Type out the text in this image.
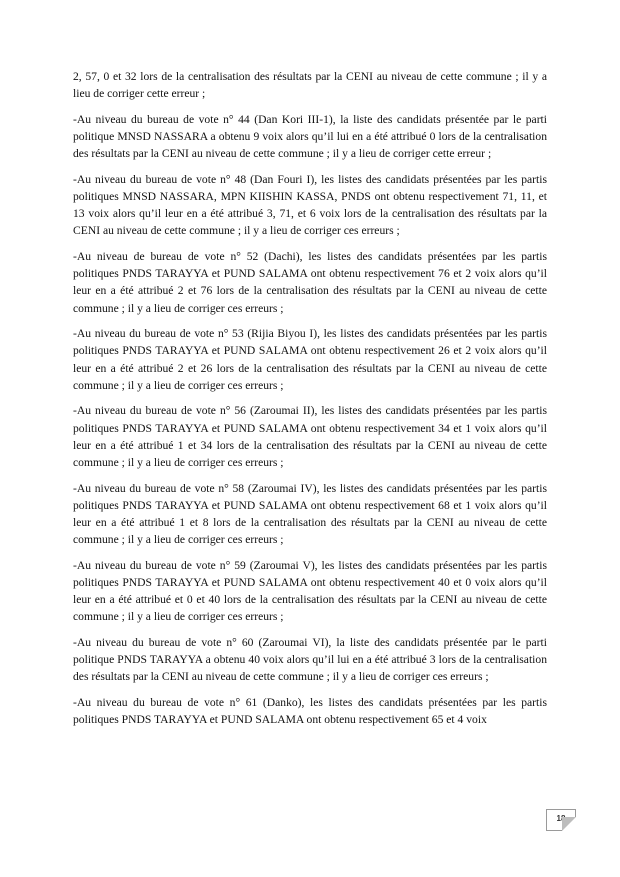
2, 57, 0 et 32 lors de la centralisation des résultats par la CENI au niveau de cette commune ; il y a lieu de corriger cette erreur ;

-Au niveau du bureau de vote n° 44 (Dan Kori III-1), la liste des candidats présentée par le parti politique MNSD NASSARA a obtenu 9 voix alors qu’il lui en a été attribué 0 lors de la centralisation des résultats par la CENI au niveau de cette commune ; il y a lieu de corriger cette erreur ;

-Au niveau du bureau de vote n° 48 (Dan Fouri I), les listes des candidats présentées par les partis politiques MNSD NASSARA, MPN KIISHIN KASSA, PNDS ont obtenu respectivement 71, 11, et 13 voix alors qu’il leur en a été attribué 3, 71, et 6 voix lors de la centralisation des résultats par la CENI au niveau de cette commune ; il y a lieu de corriger ces erreurs ;

-Au niveau de bureau de vote n° 52 (Dachi), les listes des candidats présentées par les partis politiques PNDS TARAYYA et PUND SALAMA ont obtenu respectivement 76 et 2 voix alors qu’il leur en a été attribué 2 et 76 lors de la centralisation des résultats par la CENI au niveau de cette commune ; il y a lieu de corriger ces erreurs ;

-Au niveau du bureau de vote n° 53 (Rijia Biyou I), les listes des candidats présentées par les partis politiques PNDS TARAYYA et PUND SALAMA ont obtenu respectivement 26 et 2 voix alors qu’il leur en a été attribué 2 et 26 lors de la centralisation des résultats par la CENI au niveau de cette commune ; il y a lieu de corriger ces erreurs ;

-Au niveau du bureau de vote n° 56 (Zaroumai II), les listes des candidats présentées par les partis politiques PNDS TARAYYA et PUND SALAMA ont obtenu respectivement 34 et 1 voix alors qu’il leur en a été attribué 1 et 34 lors de la centralisation des résultats par la CENI au niveau de cette commune ; il y a lieu de corriger ces erreurs ;

-Au niveau du bureau de vote n° 58 (Zaroumai IV), les listes des candidats présentées par les partis politiques PNDS TARAYYA et PUND SALAMA ont obtenu respectivement 68 et 1 voix alors qu’il leur en a été attribué 1 et 8 lors de la centralisation des résultats par la CENI au niveau de cette commune ; il y a lieu de corriger ces erreurs ;

-Au niveau du bureau de vote n° 59 (Zaroumai V), les listes des candidats présentées par les partis politiques PNDS TARAYYA et PUND SALAMA ont obtenu respectivement 40 et 0 voix alors qu’il leur en a été attribué et 0 et 40 lors de la centralisation des résultats par la CENI au niveau de cette commune ; il y a lieu de corriger ces erreurs ;

-Au niveau du bureau de vote n° 60 (Zaroumai VI), la liste des candidats présentée par le parti politique PNDS TARAYYA a obtenu 40 voix alors qu’il lui en a été attribué 3 lors de la centralisation des résultats par la CENI au niveau de cette commune ; il y a lieu de corriger ces erreurs ;

-Au niveau du bureau de vote n° 61 (Danko), les listes des candidats présentées par les partis politiques PNDS TARAYYA et PUND SALAMA ont obtenu respectivement 65 et 4 voix

18
